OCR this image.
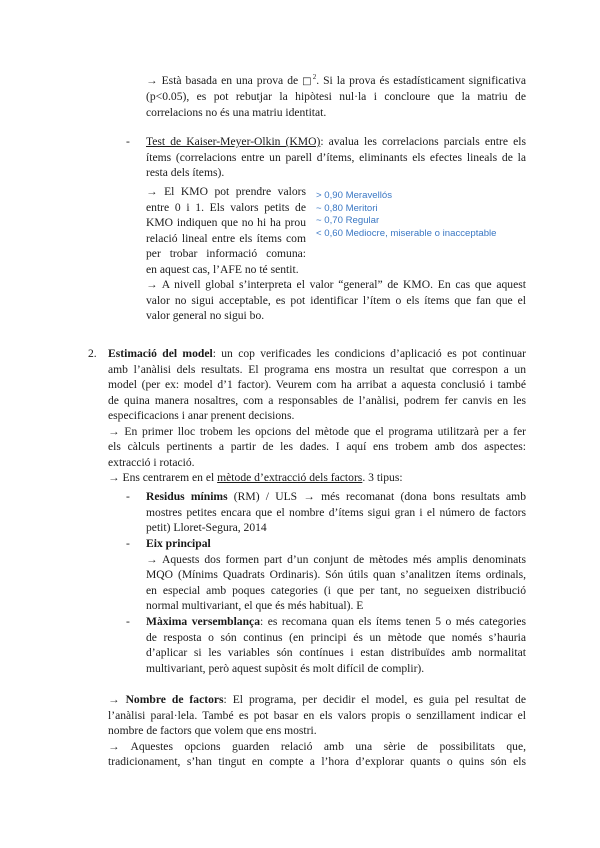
→ Està basada en una prova de □$^2$. Si la prova és estadísticament significativa
(p<0.05), es pot rebutjar la hipòtesi nul·la i concloure que la matriu de
correlacions no és una matriu identitat.
- Test de Kaiser-Meyer-Olkin (KMO): avalua les correlacions parcials entre els
ítems (correlacions entre un parell d’ítems, eliminants els efectes lineals de la
resta dels ítems).
→ El KMO pot prendre valors
entre 0 i 1. Els valors petits de
KMO indiquen que no hi ha prou
relació lineal entre els ítems com
per trobar informació comuna:
en aquest cas, l’AFE no té sentit.
> 0,90 Meravellós
~ 0,80 Meritori
~ 0,70 Regular
< 0,60 Mediocre, miserable o inacceptable
→ A nivell global s’interpreta el valor “general” de KMO. En cas que aquest
valor no sigui acceptable, es pot identificar l’ítem o els ítems que fan que el
valor general no sigui bo.
2. Estimació del model: un cop verificades les condicions d’aplicació es pot continuar
amb l’anàlisi dels resultats. El programa ens mostra un resultat que correspon a un
model (per ex: model d’1 factor). Veurem com ha arribat a aquesta conclusió i també
de quina manera nosaltres, com a responsables de l’anàlisi, podrem fer canvis en les
especificacions i anar prenent decisions.
→ En primer lloc trobem les opcions del mètode que el programa utilitzarà per a fer
els càlculs pertinents a partir de les dades. I aquí ens trobem amb dos aspectes:
extracció i rotació.
→ Ens centrarem en el mètode d’extracció dels factors. 3 tipus:
- Residus mínims (RM) / ULS → més recomanat (dona bons resultats amb
mostres petites encara que el nombre d’ítems sigui gran i el número de factors
petit) Lloret-Segura, 2014
- Eix principal
→ Aquests dos formen part d’un conjunt de mètodes més amplis denominats
MQO (Mínims Quadrats Ordinaris). Són útils quan s’analitzen ítems ordinals,
en especial amb poques categories (i que per tant, no segueixen distribució
normal multivariant, el que és més habitual). E
- Màxima versemblança: es recomana quan els ítems tenen 5 o més categories
de resposta o són continus (en principi és un mètode que només s’hauria
d’aplicar si les variables són contínues i estan distribuïdes amb normalitat
multivariant, però aquest supòsit és molt difícil de complir).
→ Nombre de factors: El programa, per decidir el model, es guia pel resultat de
l’anàlisi paral·lela. També es pot basar en els valors propis o senzillament indicar el
nombre de factors que volem que ens mostri.
→ Aquestes opcions guarden relació amb una sèrie de possibilitats que,
tradicionament, s’han tingut en compte a l’hora d’explorar quants o quins són els
